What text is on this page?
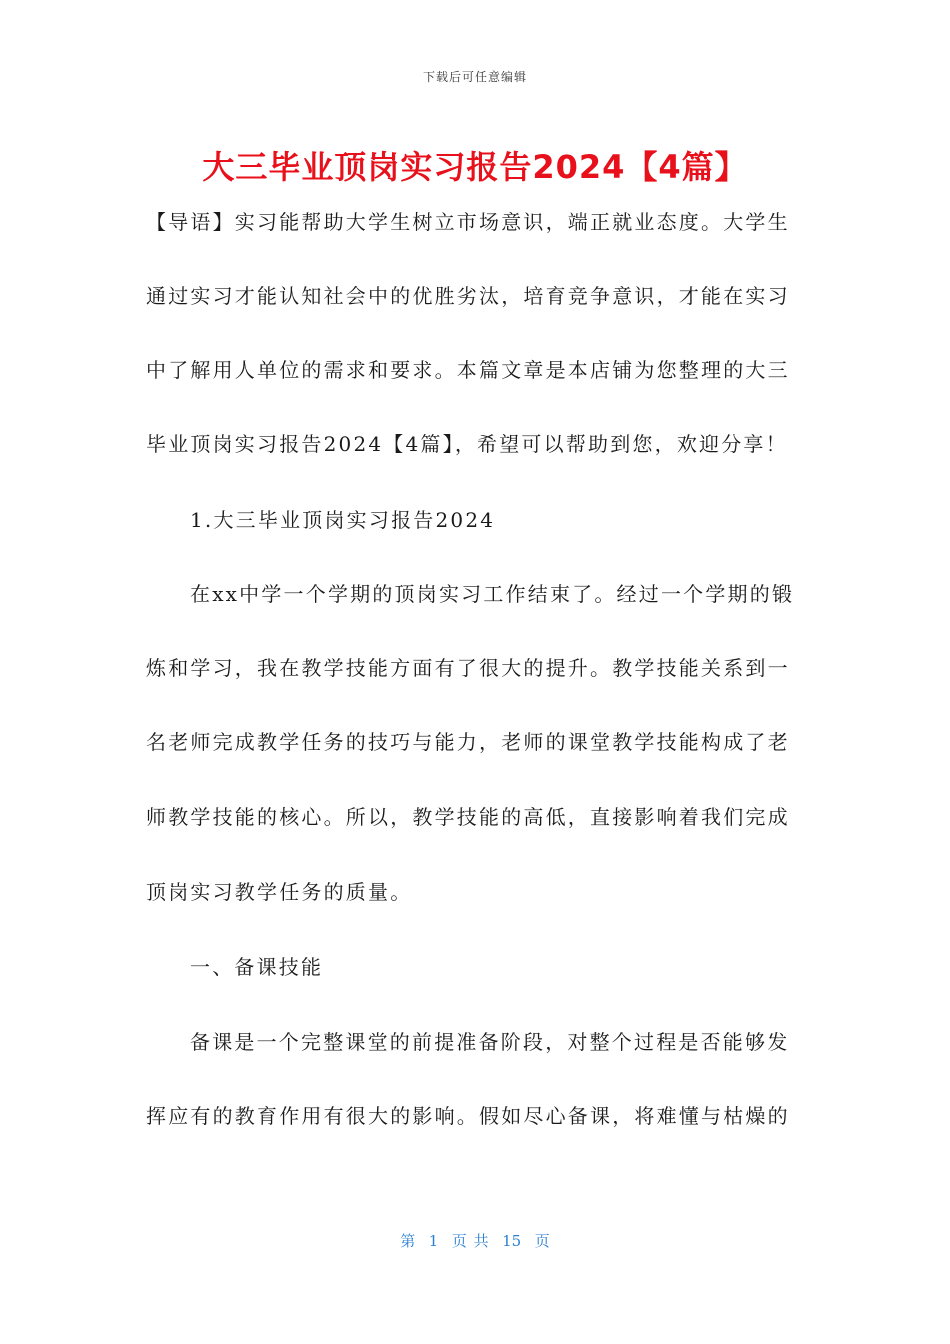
下载后可任意编辑
大三毕业顶岗实习报告2024【4篇】
【导语】实习能帮助大学生树立市场意识，端正就业态度。大学生
通过实习才能认知社会中的优胜劣汰，培育竞争意识，才能在实习
中了解用人单位的需求和要求。本篇文章是本店铺为您整理的大三
毕业顶岗实习报告2024【4篇】，希望可以帮助到您，欢迎分享！
1.大三毕业顶岗实习报告2024
在xx中学一个学期的顶岗实习工作结束了。经过一个学期的锻
炼和学习，我在教学技能方面有了很大的提升。教学技能关系到一
名老师完成教学任务的技巧与能力，老师的课堂教学技能构成了老
师教学技能的核心。所以，教学技能的高低，直接影响着我们完成
顶岗实习教学任务的质量。
一、备课技能
备课是一个完整课堂的前提准备阶段，对整个过程是否能够发
挥应有的教育作用有很大的影响。假如尽心备课，将难懂与枯燥的
第  1  页 共  15  页
